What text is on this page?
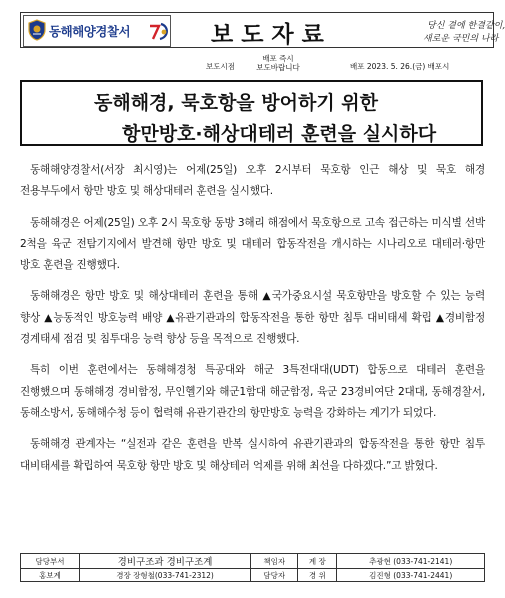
동해해양경찰서	보도자료	당신 곁에 한결같이,
새로운 국민의 나라
보도시점
배포 즉시
보도바랍니다	배포 2023. 5. 26.(금) 배포시
동해해경, 묵호항을 방어하기 위한
항만방호·해상대테러 훈련을 실시하다

동해해양경찰서(서장 최시영)는 어제(25일) 오후 2시부터 묵호항 인근 해상 및 묵호 해경 전용부두에서 항만 방호 및 해상대테러 훈련을 실시했다.

동해해경은 어제(25일) 오후 2시 묵호항 동방 3해리 해점에서 묵호항으로 고속 접근하는 미식별 선박 2척을 육군 전탐기지에서 발견해 항만 방호 및 대테러 합동작전을 개시하는 시나리오로 대테러·항만 방호 훈련을 진행했다.

동해해경은 항만 방호 및 해상대테러 훈련을 통해 ▲국가중요시설 묵호항만을 방호할 수 있는 능력 향상 ▲능동적인 방호능력 배양 ▲유관기관과의 합동작전을 통한 항만 침투 대비태세 확립 ▲경비함정 경계태세 점검 및 침투대응 능력 향상 등을 목적으로 진행했다.

특히 이번 훈련에서는 동해해경청 특공대와 해군 3특전대대(UDT) 합동으로 대테러 훈련을 진행했으며 동해해경 경비함정, 무인헬기와 해군1함대 해군함정, 육군 23경비여단 2대대, 동해경찰서, 동해소방서, 동해해수청 등이 협력해 유관기관간의 항만방호 능력을 강화하는 계기가 되었다.

동해해경 관계자는 “실전과 같은 훈련을 반복 실시하여 유관기관과의 합동작전을 통한 항만 침투 대비태세를 확립하여 묵호항 항만 방호 및 해상테러 억제를 위해 최선을 다하겠다.”고 밝혔다.

담당부서	경비구조과 경비구조계	책임자	계 장	추광현 (033-741-2141)
홍보계	경장 장형철(033-741-2312)	담당자	경 위	김진형 (033-741-2441)
